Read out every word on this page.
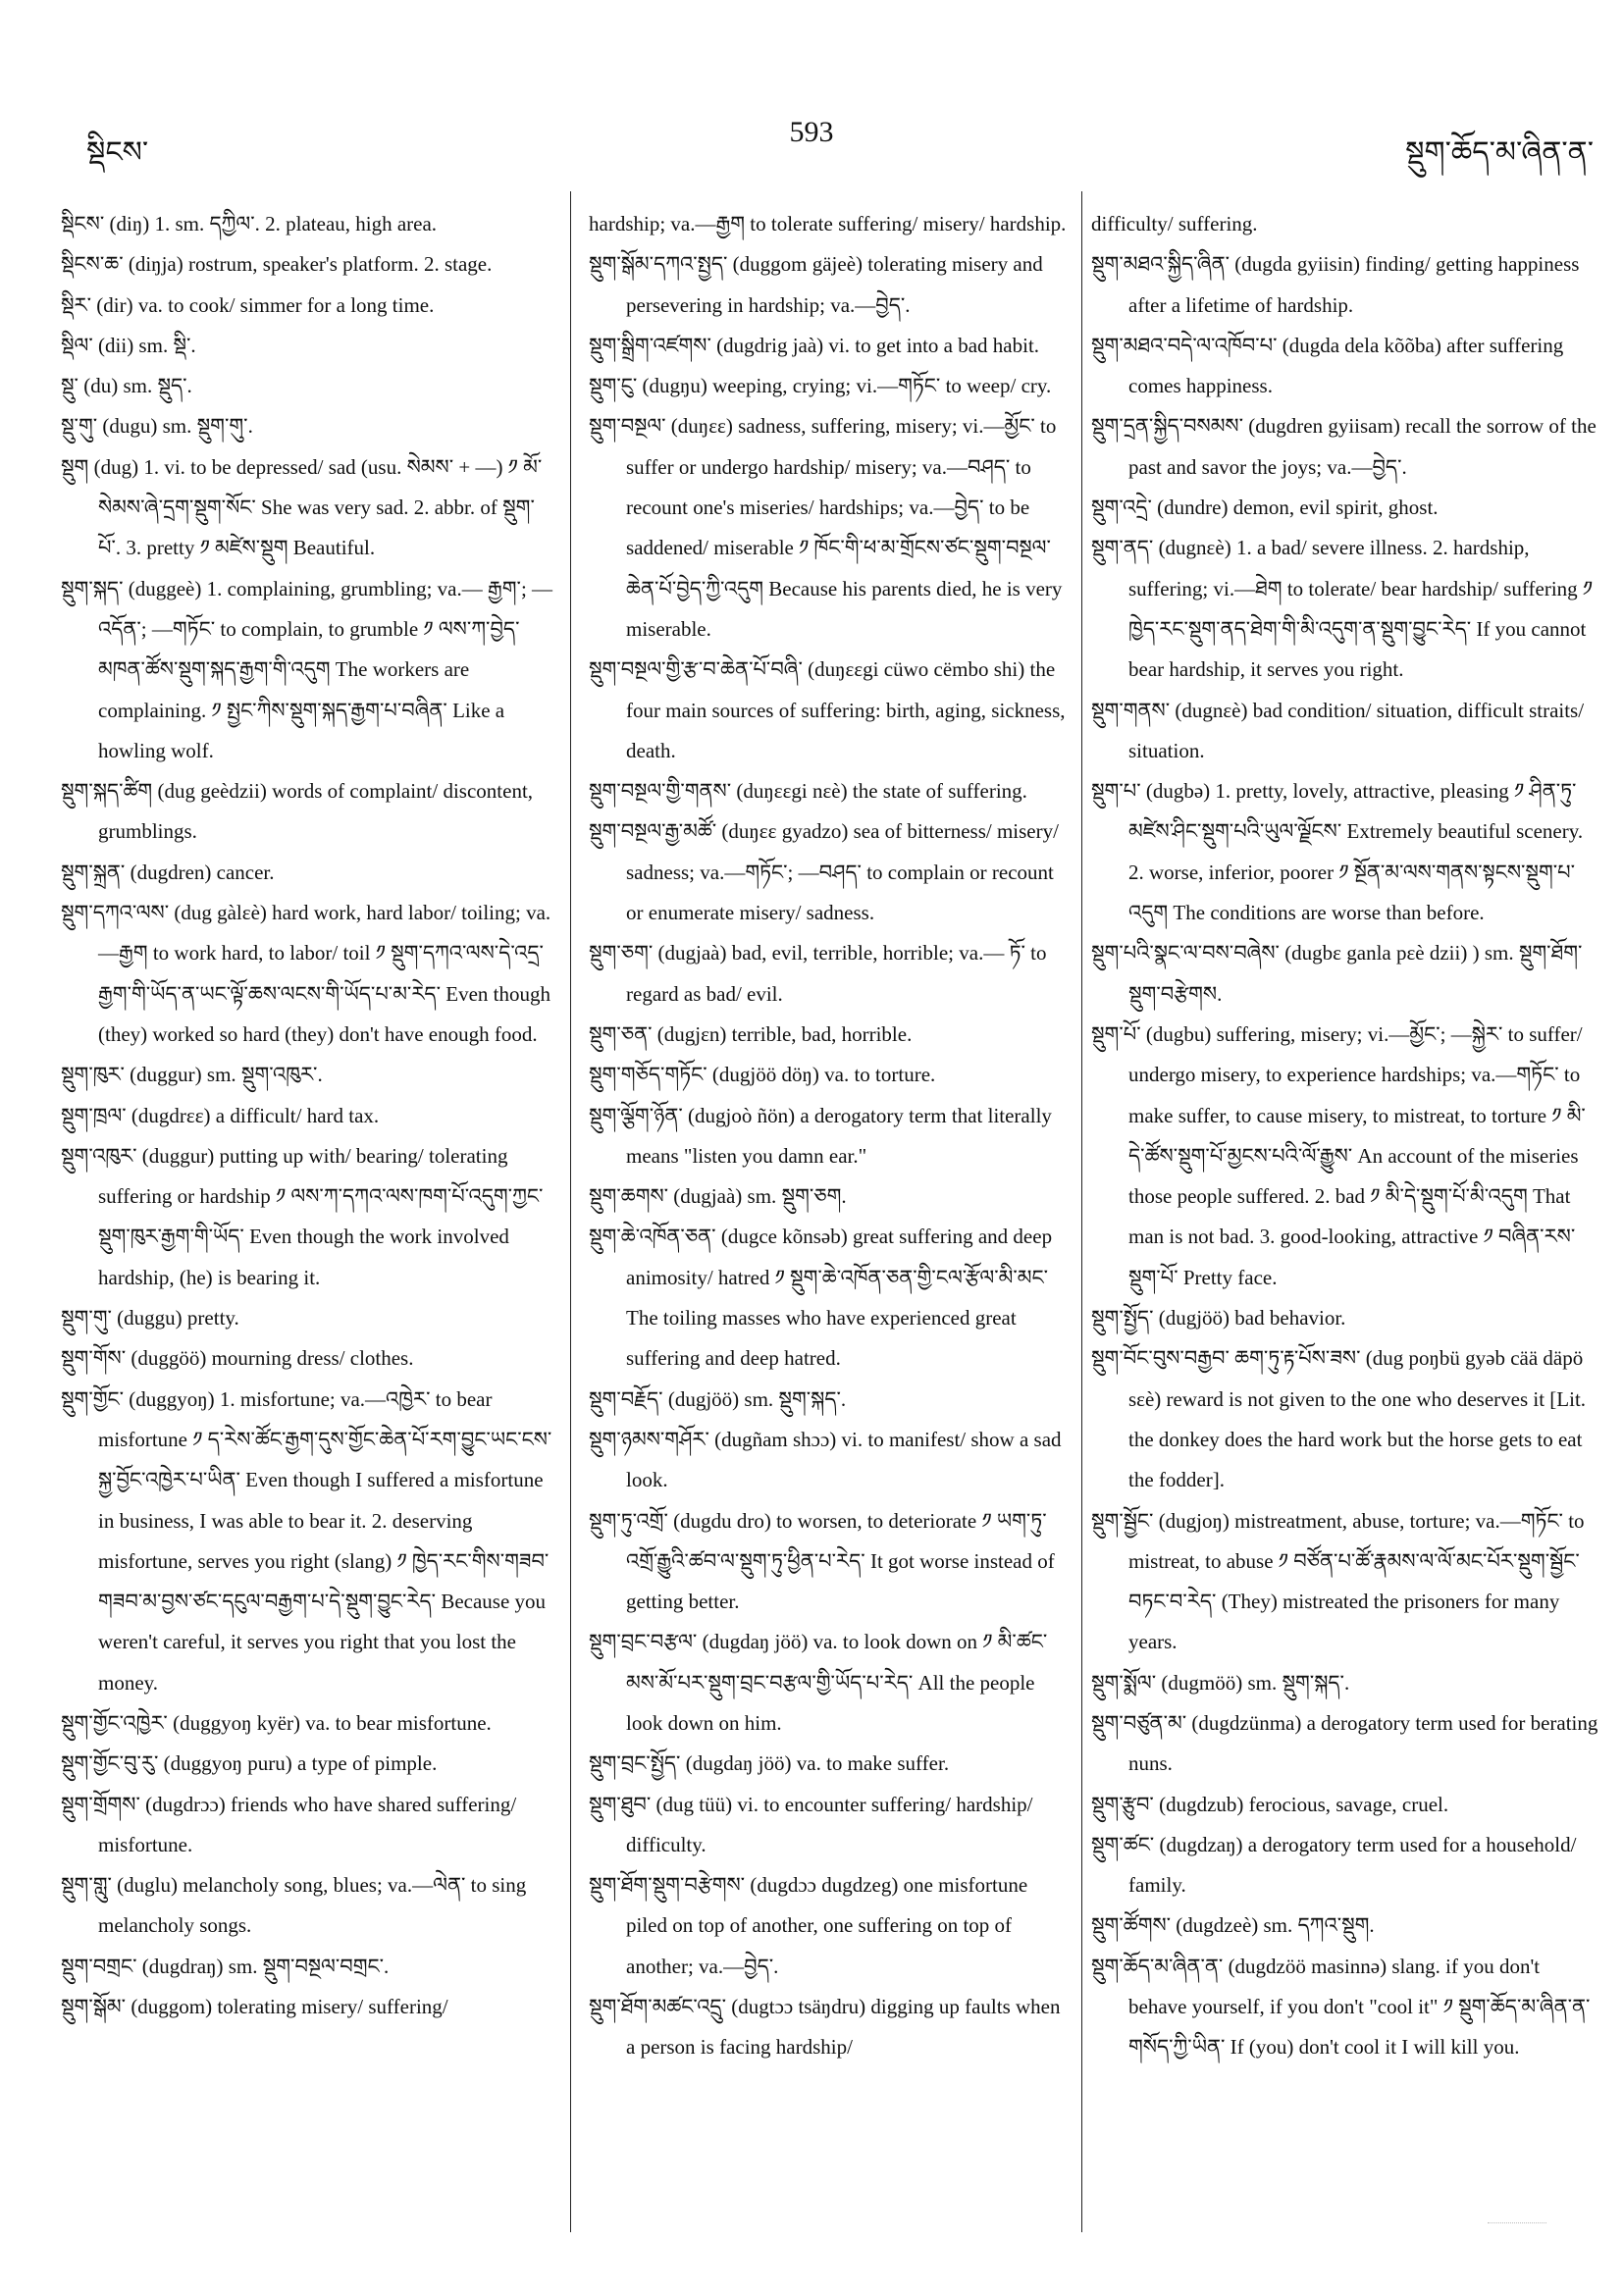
སྡིངས་
593
སྡུག་ཆོད་མ་ཞིན་ན་

སྡིངས་ (diŋ) 1. sm. དཀྱིལ་. 2. plateau, high area.

སྡིངས་ཆ་ (diŋja) rostrum, speaker's platform. 2. stage.

སྡིར་ (dir) va. to cook/ simmer for a long time.

སྡིལ་ (dii) sm. སྡི་.

སྡུ་ (du) sm. སྡུད་.

སྡུ་གུ་ (dugu) sm. སྡུག་གུ་.

སྡུག (dug) 1. vi. to be depressed/ sad (usu. སེམས་ + —) ༡ མོ་སེམས་ཞེ་དྲག་སྡུག་སོང་ She was very sad. 2. abbr. of སྡུག་པོ་. 3. pretty ༡ མཛེས་སྡུག Beautiful.

སྡུག་སྐད་ (duggeè) 1. complaining, grumbling; va.— རྒྱག་; —འདོན་; —གཏོང་ to complain, to grumble ༡ ལས་ཀ་བྱེད་མཁན་ཚོས་སྡུག་སྐད་རྒྱག་གི་འདུག The workers are complaining. ༡ སྤྱང་ཀིས་སྡུག་སྐད་རྒྱག་པ་བཞིན་ Like a howling wolf.

སྡུག་སྐད་ཚིག (dug geèdzii) words of complaint/ discontent, grumblings.

སྡུག་སྐྲན་ (dugdren) cancer.

སྡུག་དཀའ་ལས་ (dug gàlεè) hard work, hard labor/ toiling; va.—རྒྱག to work hard, to labor/ toil ༡ སྡུག་དཀའ་ལས་དེ་འདྲ་རྒྱག་གི་ཡོད་ན་ཡང་ལྟོ་ཆས་ལངས་གི་ཡོད་པ་མ་རེད་ Even though (they) worked so hard (they) don't have enough food.

སྡུག་ཁུར་ (duggur) sm. སྡུག་འཁུར་.

སྡུག་ཁྲལ་ (dugdrεε) a difficult/ hard tax.

སྡུག་འཁུར་ (duggur) putting up with/ bearing/ tolerating suffering or hardship ༡ ལས་ཀ་དཀའ་ལས་ཁག་པོ་འདུག་ཀྱང་སྡུག་ཁུར་རྒྱག་གི་ཡོད་ Even though the work involved hardship, (he) is bearing it.

སྡུག་གུ་ (duggu) pretty.

སྡུག་གོས་ (duggöö) mourning dress/ clothes.

སྡུག་གྱོང་ (duggyoŋ) 1. misfortune; va.—འཁྱེར་ to bear misfortune ༡ ད་རེས་ཚོང་རྒྱག་དུས་གྱོང་ཆེན་པོ་རག་བྱུང་ཡང་ངས་སྐྱ་བྱོང་འཁྱེར་པ་ཡིན་ Even though I suffered a misfortune in business, I was able to bear it. 2. deserving misfortune, serves you right (slang) ༡ ཁྱེད་རང་གིས་གཟབ་གཟབ་མ་བྱས་ཙང་དངུལ་བརྒྱག་པ་དེ་སྡུག་བྱུང་རེད་ Because you weren't careful, it serves you right that you lost the money.

སྡུག་གྱོང་འཁྱེར་ (duggyoŋ kyër) va. to bear misfortune.

སྡུག་གྱོང་བུ་རུ་ (duggyoŋ puru) a type of pimple.

སྡུག་གྲོགས་ (dugdrɔɔ) friends who have shared suffering/ misfortune.

སྡུག་གླུ་ (duglu) melancholy song, blues; va.—ལེན་ to sing melancholy songs.

སྡུག་བགྲང་ (dugdraŋ) sm. སྡུག་བསྔལ་བགྲང་.

སྡུག་སྒོམ་ (duggom) tolerating misery/ suffering/

hardship; va.—རྒྱག to tolerate suffering/ misery/ hardship.

སྡུག་སྒོམ་དཀའ་སྤྱད་ (duggom gäjeè) tolerating misery and persevering in hardship; va.—བྱེད་.

སྡུག་སྒྲིག་འཛགས་ (dugdrig jaà) vi. to get into a bad habit.

སྡུག་ངུ་ (dugŋu) weeping, crying; vi.—གཏོང་ to weep/ cry.

སྡུག་བསྔལ་ (duŋεε) sadness, suffering, misery; vi.—མྱོང་ to suffer or undergo hardship/ misery; va.—བཤད་ to recount one's miseries/ hardships; va.—བྱེད་ to be saddened/ miserable ༡ ཁོང་གི་ཕ་མ་གྲོངས་ཙང་སྡུག་བསྔལ་ཆེན་པོ་བྱེད་ཀྱི་འདུག Because his parents died, he is very miserable.

སྡུག་བསྔལ་གྱི་རྩ་བ་ཆེན་པོ་བཞི་ (duŋεεgi cüwo cëmbo shi) the four main sources of suffering: birth, aging, sickness, death.

སྡུག་བསྔལ་གྱི་གནས་ (duŋεεgi nεè) the state of suffering.

སྡུག་བསྔལ་རྒྱ་མཚོ་ (duŋεε gyadzo) sea of bitterness/ misery/ sadness; va.—གཏོང་; —བཤད་ to complain or recount or enumerate misery/ sadness.

སྡུག་ཅག་ (dugjaà) bad, evil, terrible, horrible; va.— ཏོ་ to regard as bad/ evil.

སྡུག་ཅན་ (dugjεn) terrible, bad, horrible.

སྡུག་གཅོད་གཏོང་ (dugjöö döŋ) va. to torture.

སྡུག་ལྕོག་ཉོན་ (dugjoò ñön) a derogatory term that literally means "listen you damn ear."

སྡུག་ཆགས་ (dugjaà) sm. སྡུག་ཅག.

སྡུག་ཆེ་འཁོན་ཅན་ (dugce kõnsəb) great suffering and deep animosity/ hatred ༡ སྡུག་ཆེ་འཁོན་ཅན་གྱི་ངལ་རྩོལ་མི་མང་ The toiling masses who have experienced great suffering and deep hatred.

སྡུག་བརྗོད་ (dugjöö) sm. སྡུག་སྐད་.

སྡུག་ཉམས་གཤོར་ (dugñam shɔɔ) vi. to manifest/ show a sad look.

སྡུག་ཏུ་འགྲོ་ (dugdu dro) to worsen, to deteriorate ༡ ཡག་ཏུ་འགྲོ་རྒྱུའི་ཚབ་ལ་སྡུག་ཏུ་ཕྱིན་པ་རེད་ It got worse instead of getting better.

སྡུག་བྲང་བརྩལ་ (dugdaŋ jöö) va. to look down on ༡ མི་ཚང་མས་མོ་པར་སྡུག་བྲང་བརྩལ་གྱི་ཡོད་པ་རེད་ All the people look down on him.

སྡུག་བྲང་སྤྱོད་ (dugdaŋ jöö) va. to make suffer.

སྡུག་ཐུབ་ (dug tüü) vi. to encounter suffering/ hardship/ difficulty.

སྡུག་ཐོག་སྡུག་བརྩེགས་ (dugdɔɔ dugdzeg) one misfortune piled on top of another, one suffering on top of another; va.—བྱེད་.

སྡུག་ཐོག་མཚང་འདྲུ་ (dugtɔɔ tsäŋdru) digging up faults when a person is facing hardship/

difficulty/ suffering.

སྡུག་མཐའ་སྐྱིད་ཞིན་ (dugda gyiisin) finding/ getting happiness after a lifetime of hardship.

སྡུག་མཐའ་བདེ་ལ་འཁོབ་པ་ (dugda dela kõõba) after suffering comes happiness.

སྡུག་དྲན་སྐྱིད་བསམས་ (dugdren gyiisam) recall the sorrow of the past and savor the joys; va.—བྱེད་.

སྡུག་འདྲེ་ (dundre) demon, evil spirit, ghost.

སྡུག་ནད་ (dugnεè) 1. a bad/ severe illness. 2. hardship, suffering; vi.—ཐེག to tolerate/ bear hardship/ suffering ༡ ཁྱེད་རང་སྡུག་ནད་ཐེག་གི་མི་འདུག་ན་སྡུག་བྱུང་རེད་ If you cannot bear hardship, it serves you right.

སྡུག་གནས་ (dugnεè) bad condition/ situation, difficult straits/ situation.

སྡུག་པ་ (dugbə) 1. pretty, lovely, attractive, pleasing ༡ ཤིན་ཏུ་མཛེས་ཤིང་སྡུག་པའི་ཡུལ་ལྗོངས་ Extremely beautiful scenery. 2. worse, inferior, poorer ༡ སྔོན་མ་ལས་གནས་སྟངས་སྡུག་པ་འདུག The conditions are worse than before.

སྡུག་པའི་སྣང་ལ་བས་བཞེས་ (dugbε ganla pεè dzii) ) sm. སྡུག་ཐོག་སྡུག་བརྩེགས.

སྡུག་པོ་ (dugbu) suffering, misery; vi.—མྱོང་; —སྐྱེར་ to suffer/ undergo misery, to experience hardships; va.—གཏོང་ to make suffer, to cause misery, to mistreat, to torture ༡ མི་དེ་ཚོས་སྡུག་པོ་མྱངས་པའི་ལོ་རྒྱུས་ An account of the miseries those people suffered. 2. bad ༡ མི་དེ་སྡུག་པོ་མི་འདུག That man is not bad. 3. good-looking, attractive ༡ བཞིན་རས་སྡུག་པོ་ Pretty face.

སྡུག་སྤྱོད་ (dugjöö) bad behavior.

སྡུག་བོང་བུས་བརྒྱབ་ ཆག་ཏུ་རྟ་པོས་ཟས་ (dug poŋbü gyəb cää däpö sεè) reward is not given to the one who deserves it [Lit. the donkey does the hard work but the horse gets to eat the fodder].

སྡུག་སྦྱོང་ (dugjoŋ) mistreatment, abuse, torture; va.—གཏོང་ to mistreat, to abuse ༡ བཙོན་པ་ཚོ་རྣམས་ལ་ལོ་མང་པོར་སྡུག་སྦྱོང་བཏང་བ་རེད་ (They) mistreated the prisoners for many years.

སྡུག་སྨོལ་ (dugmöö) sm. སྡུག་སྐད་.

སྡུག་བཙུན་མ་ (dugdzünma) a derogatory term used for berating nuns.

སྡུག་རྩུབ་ (dugdzub) ferocious, savage, cruel.

སྡུག་ཚང་ (dugdzaŋ) a derogatory term used for a household/ family.

སྡུག་ཚོགས་ (dugdzeè) sm. དཀའ་སྡུག.

སྡུག་ཆོད་མ་ཞིན་ན་ (dugdzöö masinnə) slang. if you don't behave yourself, if you don't "cool it" ༡ སྡུག་ཆོད་མ་ཞིན་ན་གསོད་ཀྱི་ཡིན་ If (you) don't cool it I will kill you.
